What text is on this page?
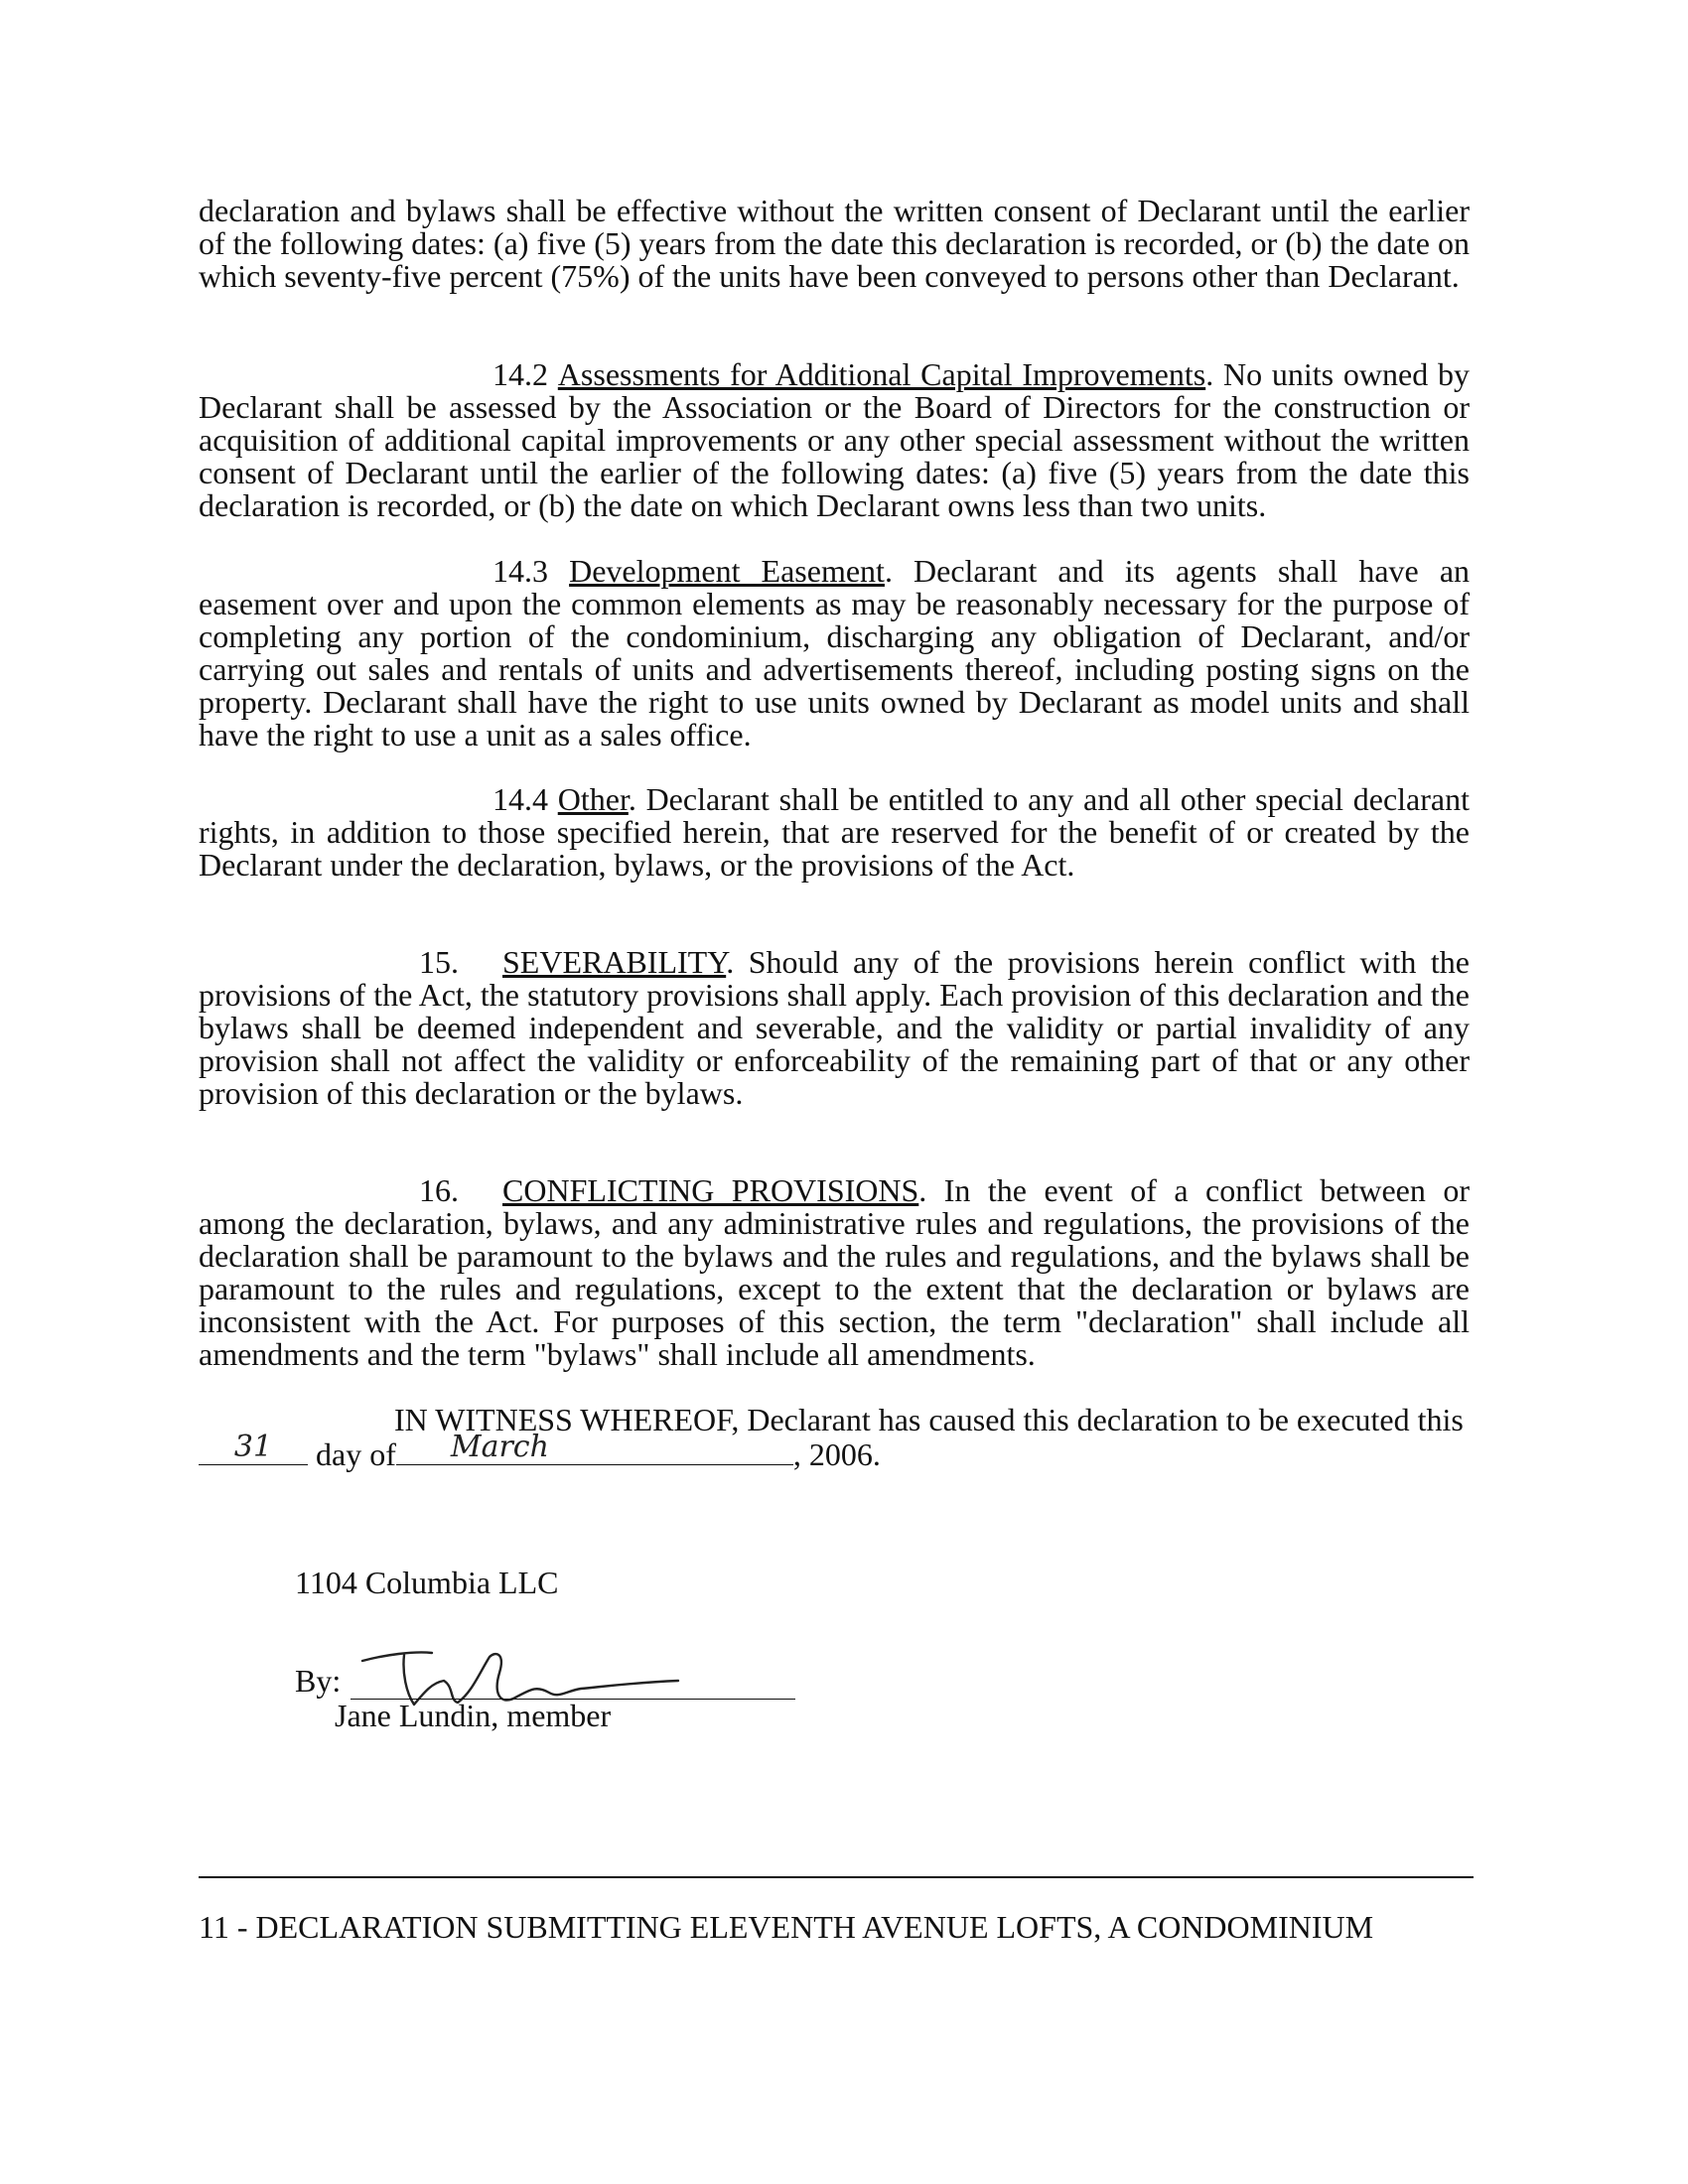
declaration and bylaws shall be effective without the written consent of Declarant until the earlier of the following dates: (a) five (5) years from the date this declaration is recorded, or (b) the date on which seventy-five percent (75%) of the units have been conveyed to persons other than Declarant.

14.2 Assessments for Additional Capital Improvements. No units owned by Declarant shall be assessed by the Association or the Board of Directors for the construction or acquisition of additional capital improvements or any other special assessment without the written consent of Declarant until the earlier of the following dates: (a) five (5) years from the date this declaration is recorded, or (b) the date on which Declarant owns less than two units.

14.3 Development Easement. Declarant and its agents shall have an easement over and upon the common elements as may be reasonably necessary for the purpose of completing any portion of the condominium, discharging any obligation of Declarant, and/or carrying out sales and rentals of units and advertisements thereof, including posting signs on the property. Declarant shall have the right to use units owned by Declarant as model units and shall have the right to use a unit as a sales office.

14.4 Other. Declarant shall be entitled to any and all other special declarant rights, in addition to those specified herein, that are reserved for the benefit of or created by the Declarant under the declaration, bylaws, or the provisions of the Act.

15. SEVERABILITY. Should any of the provisions herein conflict with the provisions of the Act, the statutory provisions shall apply. Each provision of this declaration and the bylaws shall be deemed independent and severable, and the validity or partial invalidity of any provision shall not affect the validity or enforceability of the remaining part of that or any other provision of this declaration or the bylaws.

16. CONFLICTING PROVISIONS. In the event of a conflict between or among the declaration, bylaws, and any administrative rules and regulations, the provisions of the declaration shall be paramount to the bylaws and the rules and regulations, and the bylaws shall be paramount to the rules and regulations, except to the extent that the declaration or bylaws are inconsistent with the Act. For purposes of this section, the term "declaration" shall include all amendments and the term "bylaws" shall include all amendments.

IN WITNESS WHEREOF, Declarant has caused this declaration to be executed this
31	day of	March	, 2006.
1104 Columbia LLC
By:
Jane Lundin, member
11 - DECLARATION SUBMITTING ELEVENTH AVENUE LOFTS, A CONDOMINIUM
